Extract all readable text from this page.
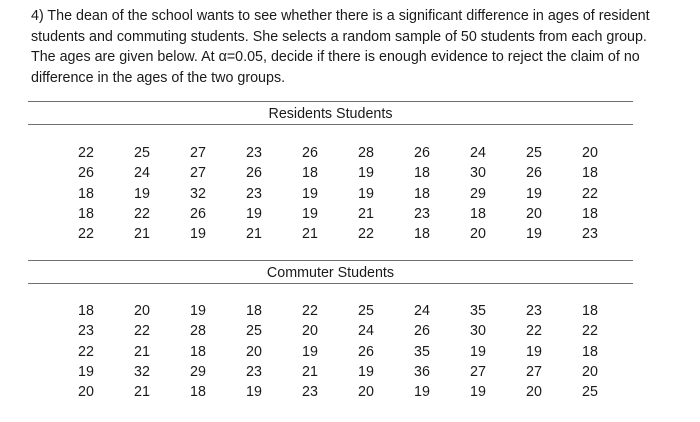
4) The dean of the school wants to see whether there is a significant difference in ages of resident students and commuting students. She selects a random sample of 50 students from each group. The ages are given below. At α=0.05, decide if there is enough evidence to reject the claim of no difference in the ages of the two groups.

Residents Students
22	25	27	23	26	28	26	24	25	20
26	24	27	26	18	19	18	30	26	18
18	19	32	23	19	19	18	29	19	22
18	22	26	19	19	21	23	18	20	18
22	21	19	21	21	22	18	20	19	23
Commuter Students
18	20	19	18	22	25	24	35	23	18
23	22	28	25	20	24	26	30	22	22
22	21	18	20	19	26	35	19	19	18
19	32	29	23	21	19	36	27	27	20
20	21	18	19	23	20	19	19	20	25
